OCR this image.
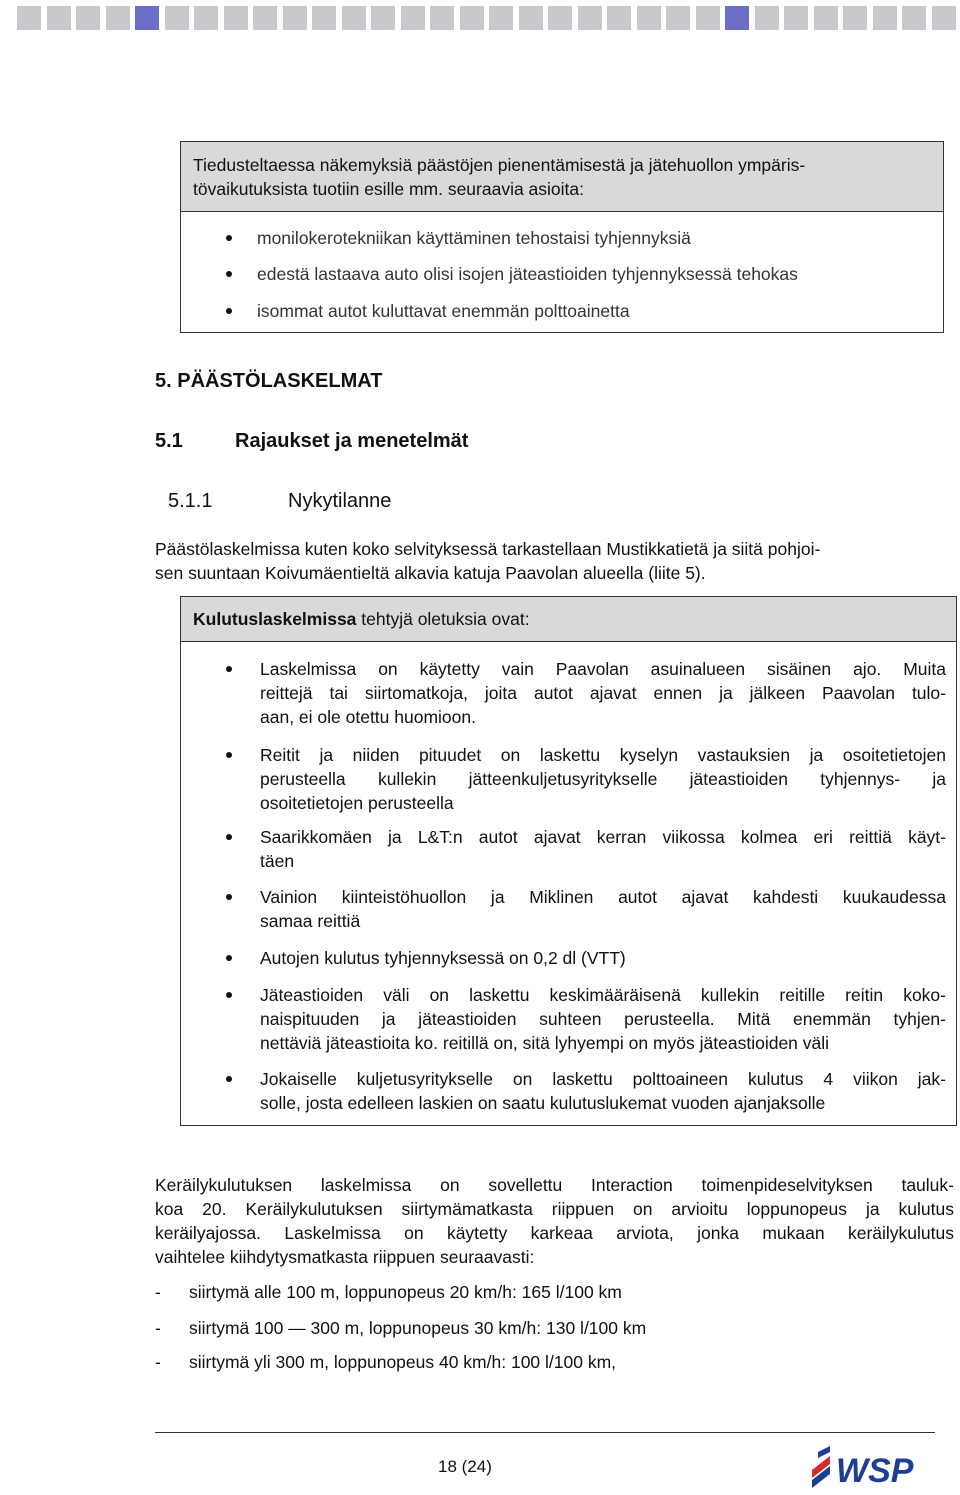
Tiedusteltaessa näkemyksiä päästöjen pienentämisestä ja jätehuollon ympäris-
tövaikutuksista tuotiin esille mm. seuraavia asioita:
monilokerotekniikan käyttäminen tehostaisi tyhjennyksiä
edestä lastaava auto olisi isojen jäteastioiden tyhjennyksessä tehokas
isommat autot kuluttavat enemmän polttoainetta
5. PÄÄSTÖLASKELMAT
5.1	Rajaukset ja menetelmät
5.1.1	Nykytilanne
Päästölaskelmissa kuten koko selvityksessä tarkastellaan Mustikkatietä ja siitä pohjoi-
sen suuntaan Koivumäentieltä alkavia katuja Paavolan alueella (liite 5).
Kulutuslaskelmissa tehtyjä oletuksia ovat:
Laskelmissa on käytetty vain Paavolan asuinalueen sisäinen ajo. Muita
reittejä tai siirtomatkoja, joita autot ajavat ennen ja jälkeen Paavolan tulo-
aan, ei ole otettu huomioon.
Reitit ja niiden pituudet on laskettu kyselyn vastauksien ja osoitetietojen
perusteella kullekin jätteenkuljetusyritykselle jäteastioiden tyhjennys- ja
osoitetietojen perusteella
Saarikkomäen ja L&T:n autot ajavat kerran viikossa kolmea eri reittiä käyt-
täen
Vainion kiinteistöhuollon ja Miklinen autot ajavat kahdesti kuukaudessa
samaa reittiä
Autojen kulutus tyhjennyksessä on 0,2 dl (VTT)
Jäteastioiden väli on laskettu keskimääräisenä kullekin reitille reitin koko-
naispituuden ja jäteastioiden suhteen perusteella. Mitä enemmän tyhjen-
nettäviä jäteastioita ko. reitillä on, sitä lyhyempi on myös jäteastioiden väli
Jokaiselle kuljetusyritykselle on laskettu polttoaineen kulutus 4 viikon jak-
solle, josta edelleen laskien on saatu kulutuslukemat vuoden ajanjaksolle
Keräilykulutuksen laskelmissa on sovellettu Interaction toimenpideselvityksen tauluk-
koa 20. Keräilykulutuksen siirtymämatkasta riippuen on arvioitu loppunopeus ja kulutus
keräilyajossa. Laskelmissa on käytetty karkeaa arviota, jonka mukaan keräilykulutus
vaihtelee kiihdytysmatkasta riippuen seuraavasti:
- siirtymä alle 100 m, loppunopeus 20 km/h: 165 l/100 km
- siirtymä 100 — 300 m, loppunopeus 30 km/h: 130 l/100 km
- siirtymä yli 300 m, loppunopeus 40 km/h: 100 l/100 km,
18 (24)	WSP
